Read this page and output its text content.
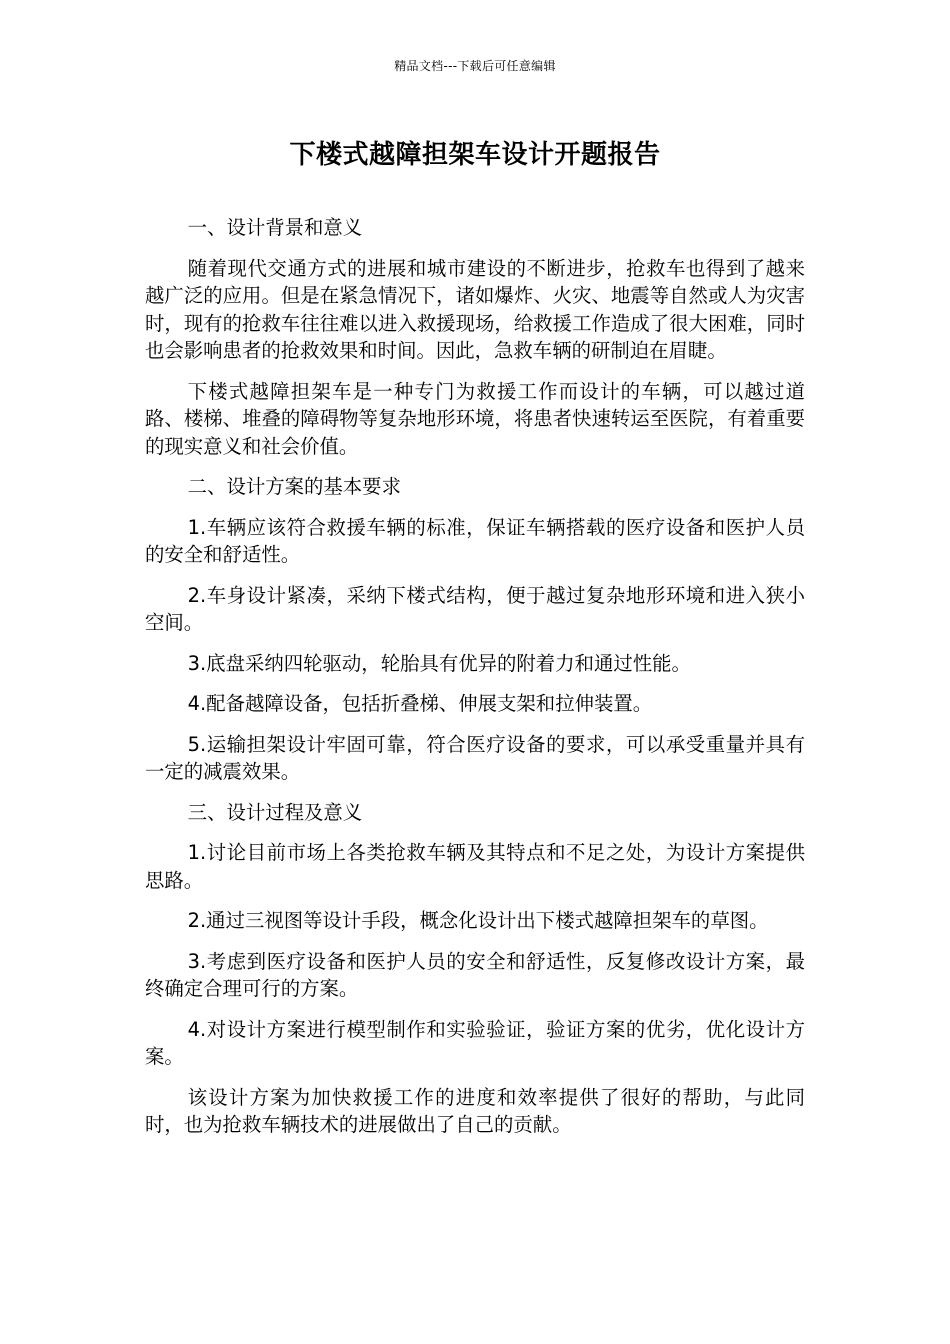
精品文档---下载后可任意编辑
下楼式越障担架车设计开题报告

一、设计背景和意义

随着现代交通方式的进展和城市建设的不断进步，抢救车也得到了越来越广泛的应用。但是在紧急情况下，诸如爆炸、火灾、地震等自然或人为灾害时，现有的抢救车往往难以进入救援现场，给救援工作造成了很大困难，同时也会影响患者的抢救效果和时间。因此，急救车辆的研制迫在眉睫。

下楼式越障担架车是一种专门为救援工作而设计的车辆，可以越过道路、楼梯、堆叠的障碍物等复杂地形环境，将患者快速转运至医院，有着重要的现实意义和社会价值。

二、设计方案的基本要求

1.车辆应该符合救援车辆的标准，保证车辆搭载的医疗设备和医护人员的安全和舒适性。

2.车身设计紧凑，采纳下楼式结构，便于越过复杂地形环境和进入狭小空间。

3.底盘采纳四轮驱动，轮胎具有优异的附着力和通过性能。

4.配备越障设备，包括折叠梯、伸展支架和拉伸装置。

5.运输担架设计牢固可靠，符合医疗设备的要求，可以承受重量并具有一定的减震效果。

三、设计过程及意义

1.讨论目前市场上各类抢救车辆及其特点和不足之处，为设计方案提供思路。

2.通过三视图等设计手段，概念化设计出下楼式越障担架车的草图。

3.考虑到医疗设备和医护人员的安全和舒适性，反复修改设计方案，最终确定合理可行的方案。

4.对设计方案进行模型制作和实验验证，验证方案的优劣，优化设计方案。

该设计方案为加快救援工作的进度和效率提供了很好的帮助，与此同时，也为抢救车辆技术的进展做出了自己的贡献。
